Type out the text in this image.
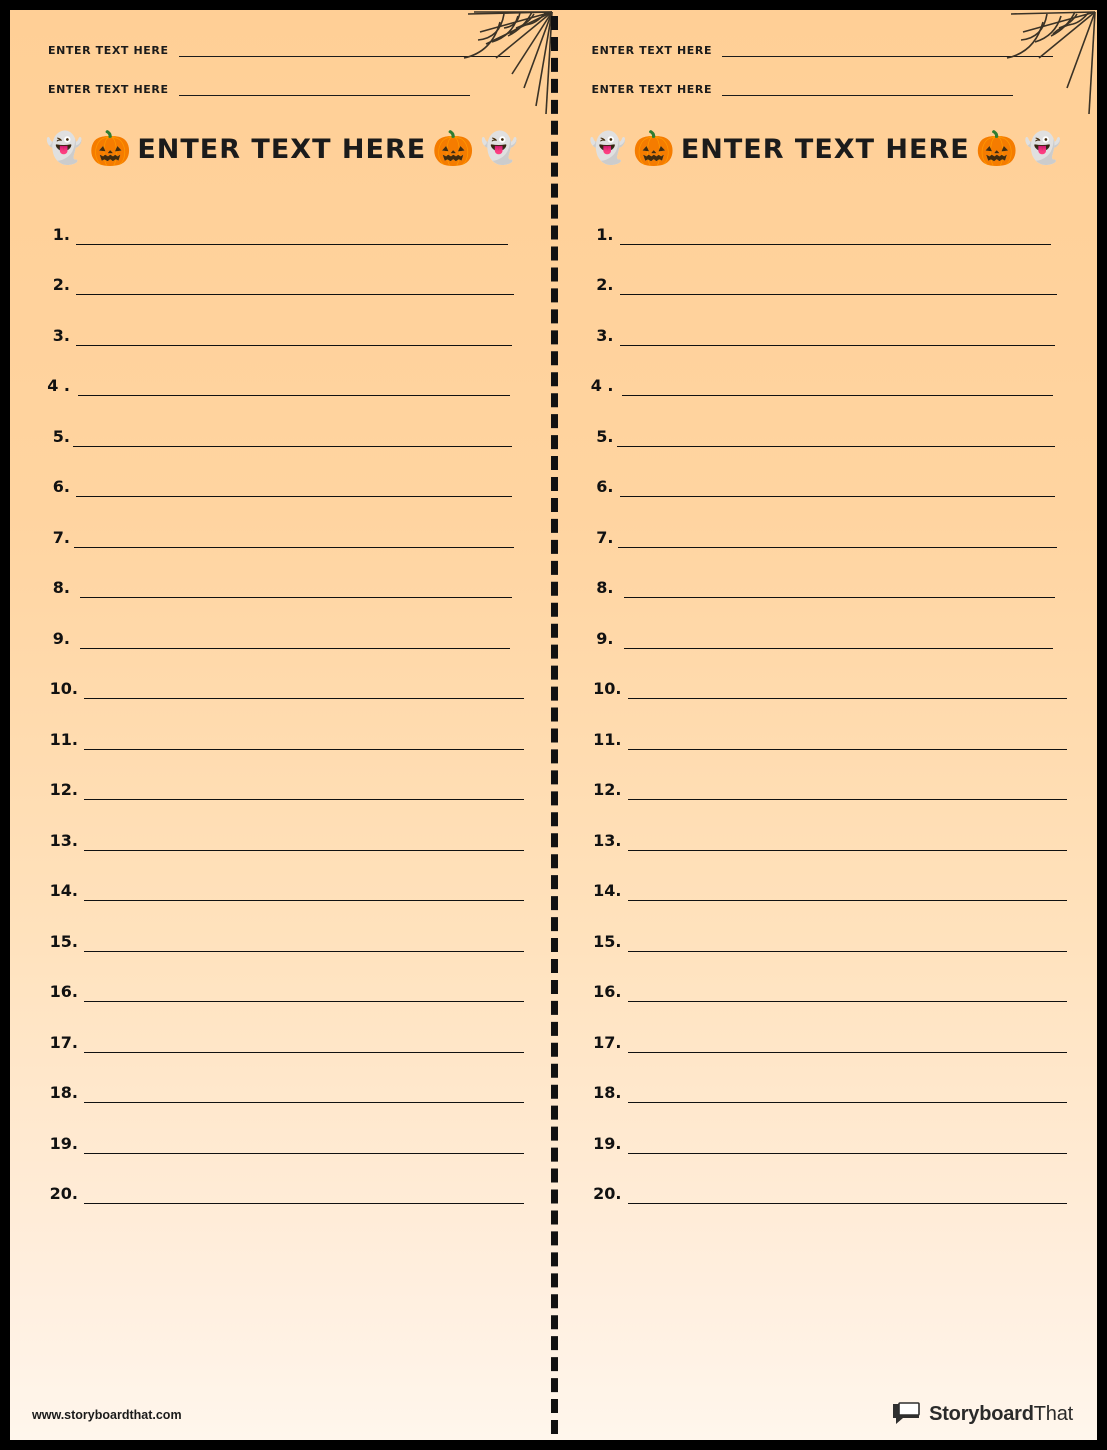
ENTER TEXT HERE
ENTER TEXT HERE
👻 🎃 ENTER TEXT HERE 🎃 👻
1.
2.
3.
4 .
5.
6.
7.
8.
9.
10.
11.
12.
13.
14.
15.
16.
17.
18.
19.
20.
ENTER TEXT HERE
ENTER TEXT HERE
👻 🎃 ENTER TEXT HERE 🎃 👻
1.
2.
3.
4 .
5.
6.
7.
8.
9.
10.
11.
12.
13.
14.
15.
16.
17.
18.
19.
20.
www.storyboardthat.com	StoryboardThat
